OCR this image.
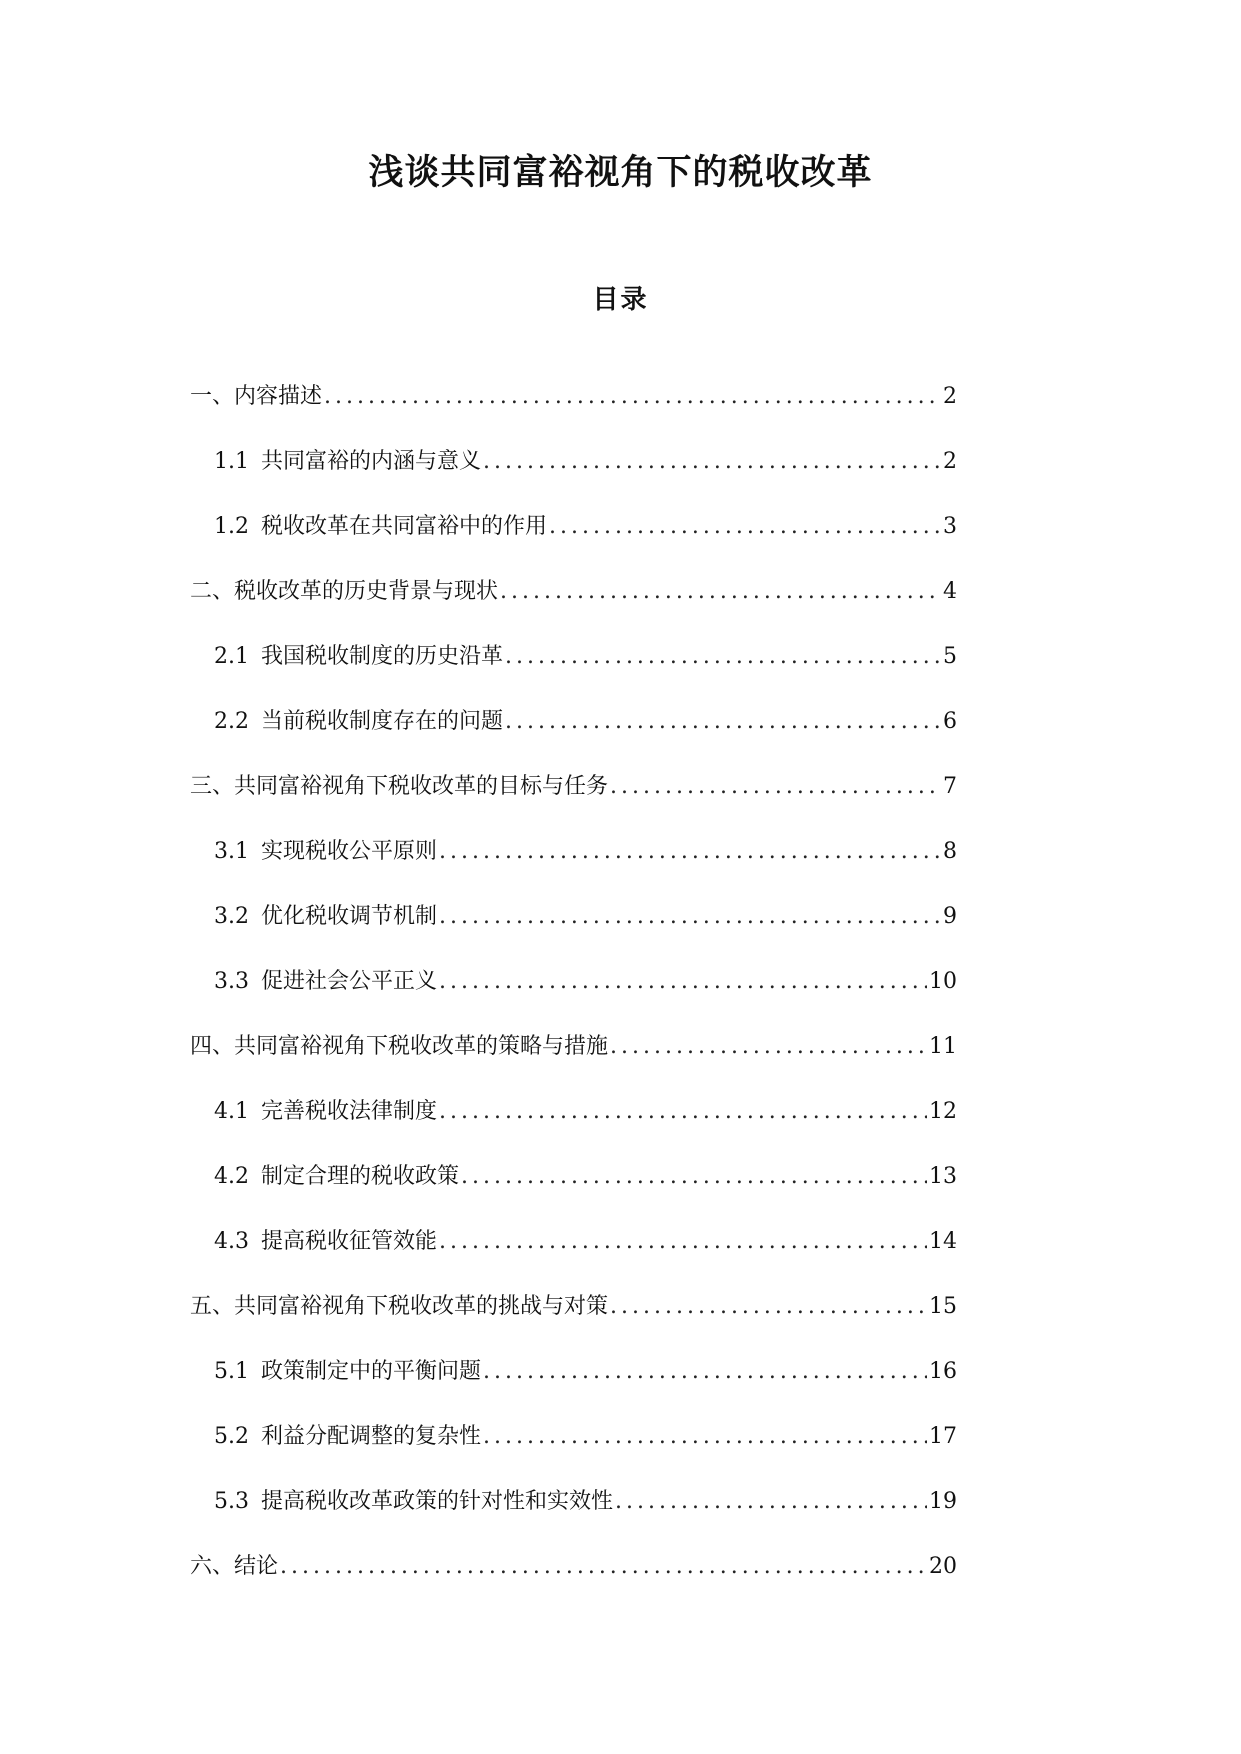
浅谈共同富裕视角下的税收改革
目录
一、内容描述 .....	2
1.1 共同富裕的内涵与意义 .....	2
1.2 税收改革在共同富裕中的作用 .....	3
二、税收改革的历史背景与现状 .....	4
2.1 我国税收制度的历史沿革 .....	5
2.2 当前税收制度存在的问题 .....	6
三、共同富裕视角下税收改革的目标与任务 .....	7
3.1 实现税收公平原则 .....	8
3.2 优化税收调节机制 .....	9
3.3 促进社会公平正义 .....	10
四、共同富裕视角下税收改革的策略与措施 .....	11
4.1 完善税收法律制度 .....	12
4.2 制定合理的税收政策 .....	13
4.3 提高税收征管效能 .....	14
五、共同富裕视角下税收改革的挑战与对策 .....	15
5.1 政策制定中的平衡问题 .....	16
5.2 利益分配调整的复杂性 .....	17
5.3 提高税收改革政策的针对性和实效性 .....	19
六、结论 .....	20
